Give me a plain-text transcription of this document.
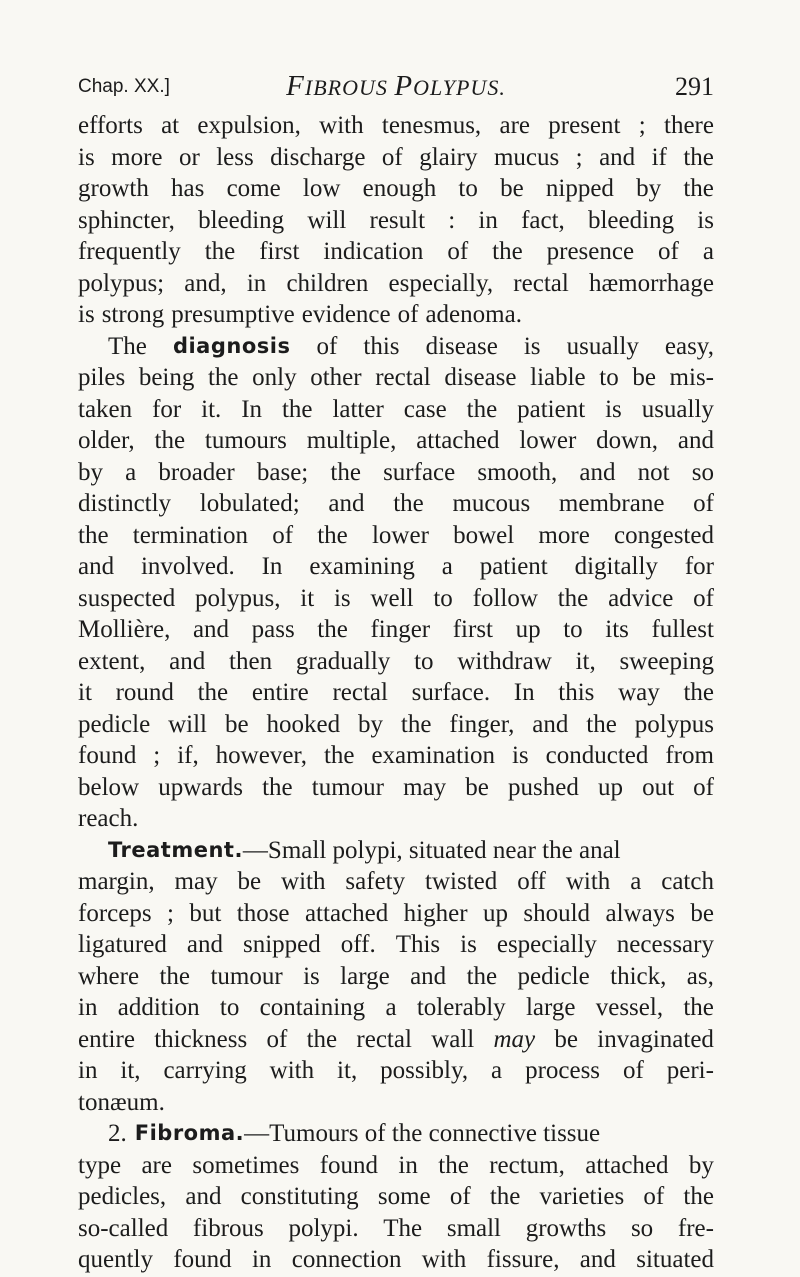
Chap. XX.]	FIBROUS POLYPUS.	291
efforts at expulsion, with tenesmus, are present ; there
is more or less discharge of glairy mucus ; and if the
growth has come low enough to be nipped by the
sphincter, bleeding will result : in fact, bleeding is
frequently the first indication of the presence of a
polypus; and, in children especially, rectal hæmorrhage
is strong presumptive evidence of adenoma.
The diagnosis of this disease is usually easy,
piles being the only other rectal disease liable to be mis-
taken for it. In the latter case the patient is usually
older, the tumours multiple, attached lower down, and
by a broader base; the surface smooth, and not so
distinctly lobulated; and the mucous membrane of
the termination of the lower bowel more congested
and involved. In examining a patient digitally for
suspected polypus, it is well to follow the advice of
Mollière, and pass the finger first up to its fullest
extent, and then gradually to withdraw it, sweeping
it round the entire rectal surface. In this way the
pedicle will be hooked by the finger, and the polypus
found ; if, however, the examination is conducted from
below upwards the tumour may be pushed up out of
reach.
Treatment. —Small polypi, situated near the anal
margin, may be with safety twisted off with a catch
forceps ; but those attached higher up should always be
ligatured and snipped off. This is especially necessary
where the tumour is large and the pedicle thick, as,
in addition to containing a tolerably large vessel, the
entire thickness of the rectal wall may be invaginated
in it, carrying with it, possibly, a process of peri-
tonæum.
2. Fibroma. —Tumours of the connective tissue
type are sometimes found in the rectum, attached by
pedicles, and constituting some of the varieties of the
so-called fibrous polypi. The small growths so fre-
quently found in connection with fissure, and situated
